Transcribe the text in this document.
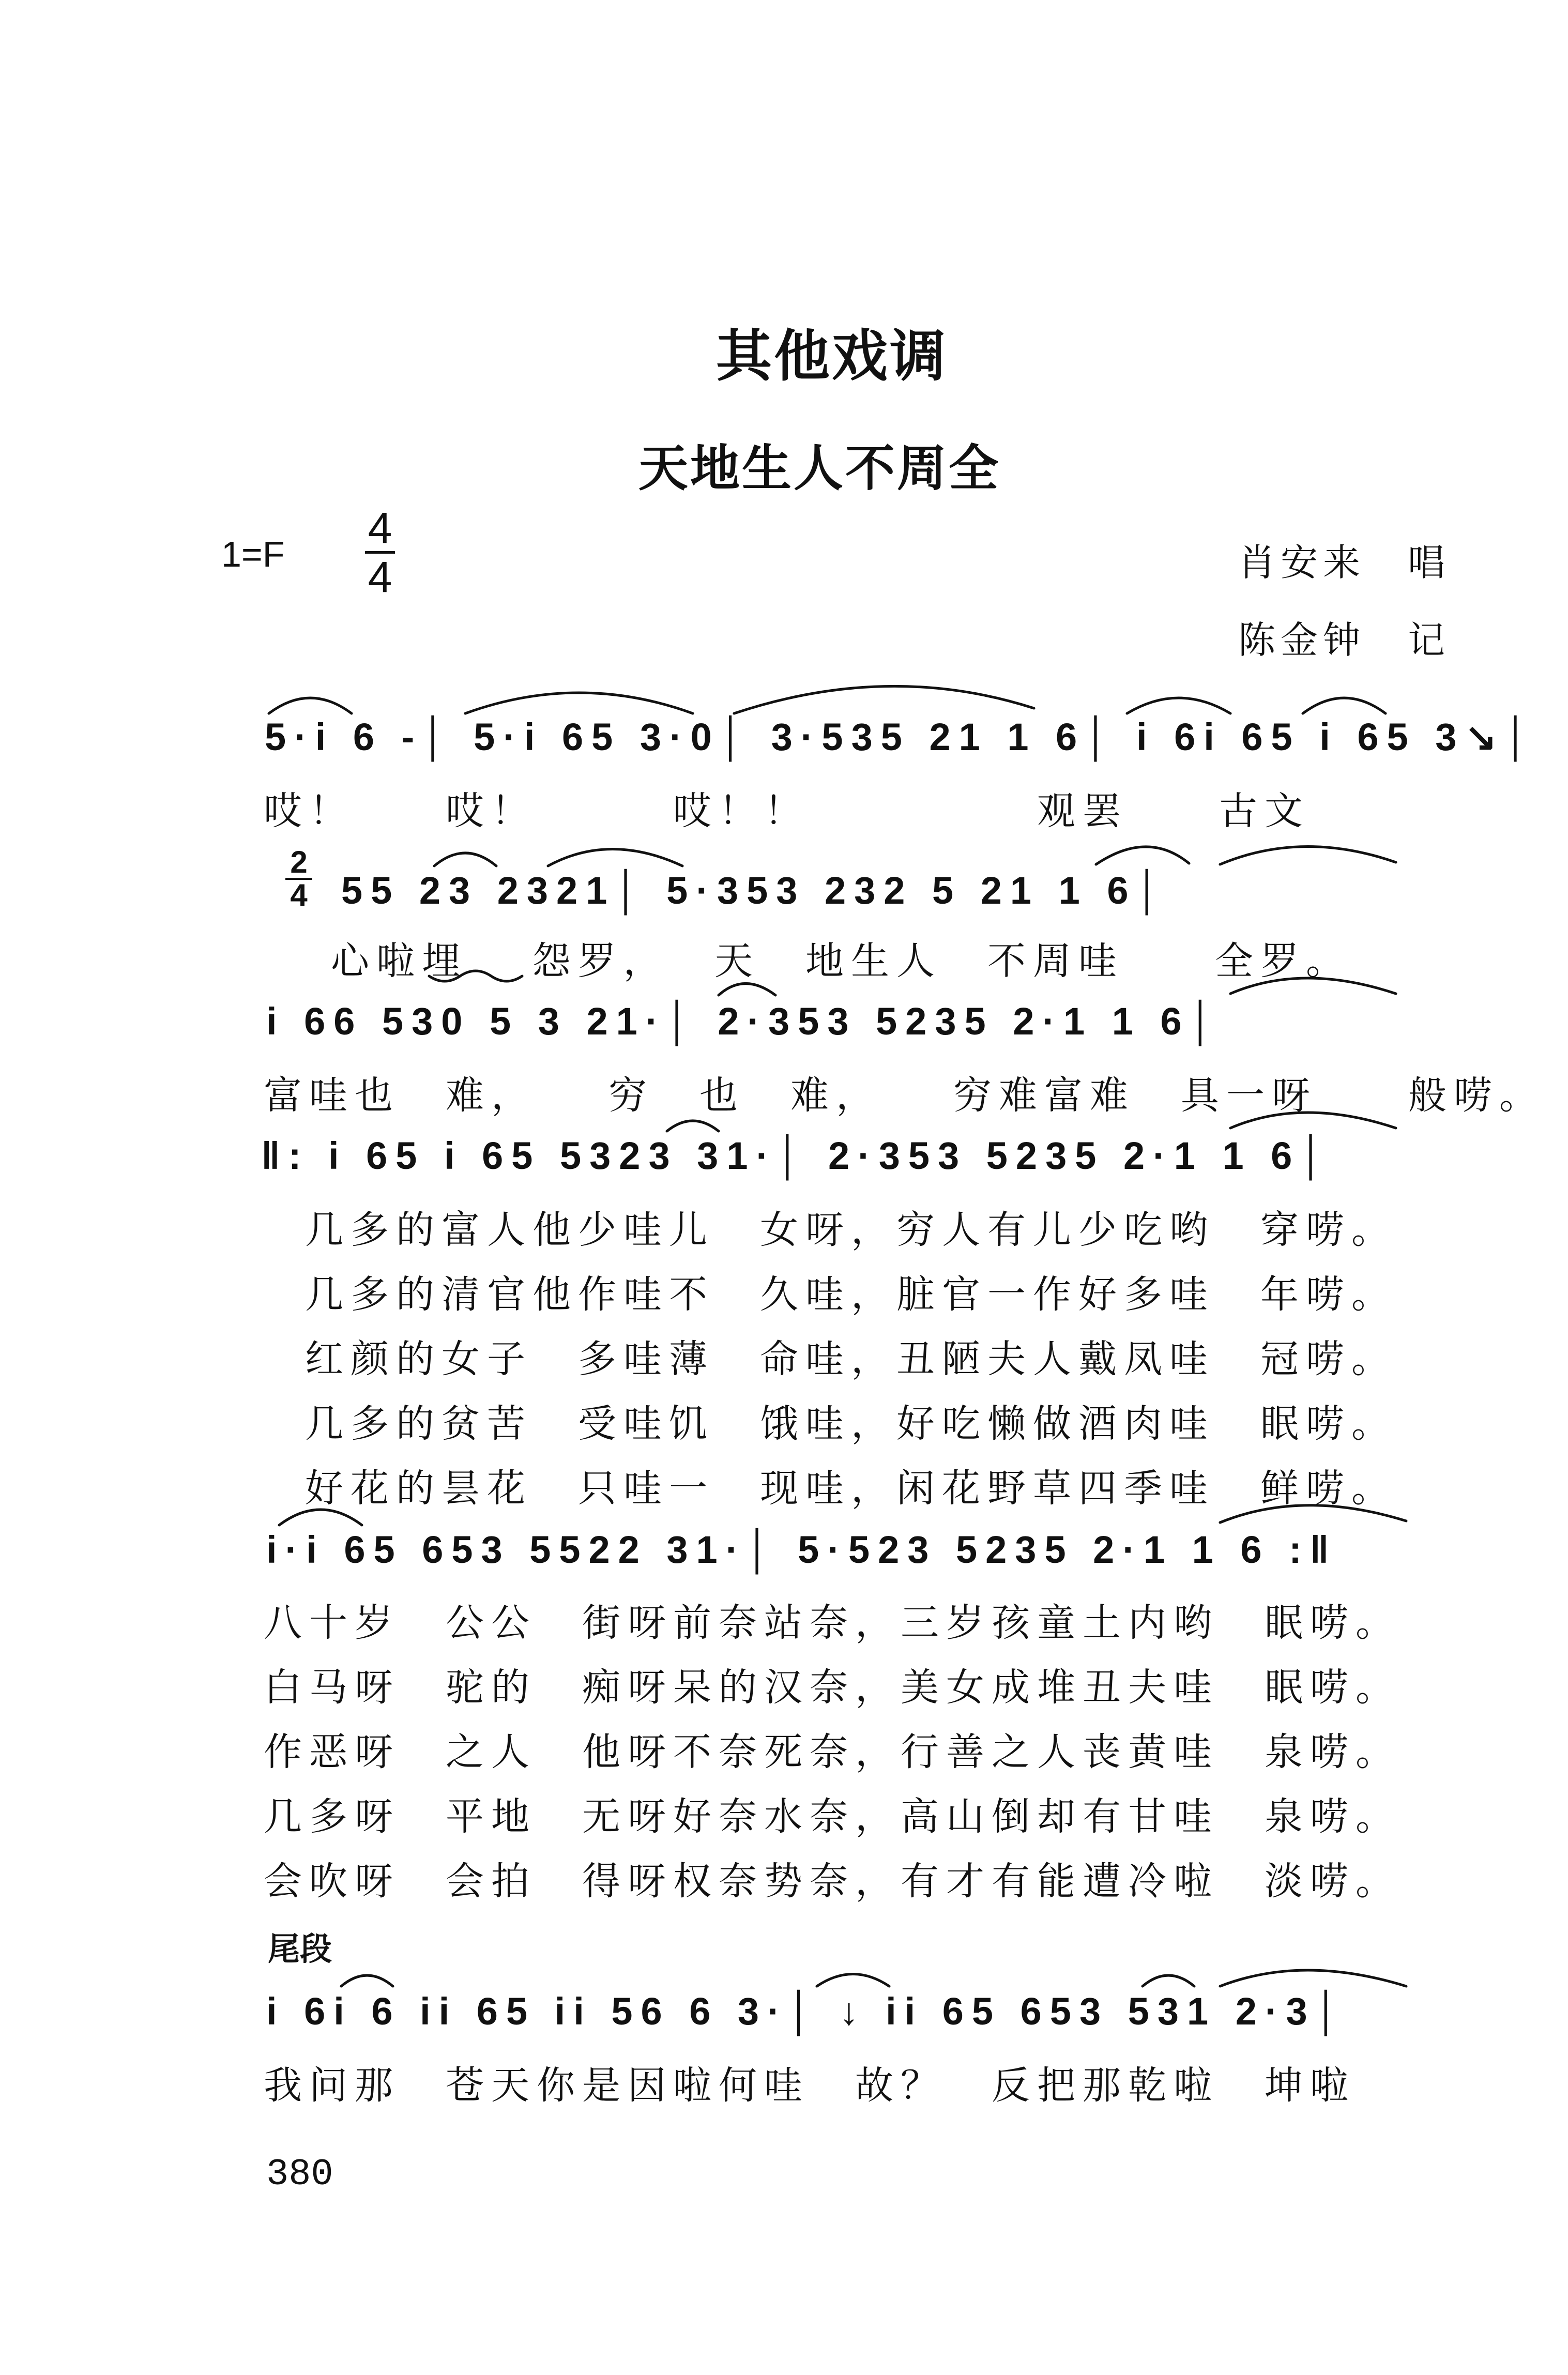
其他戏调
天地生人不周全
1=F
4
4	肖安来　唱
陈金钟　记
5·i 6 -│ 5·i 65 3·0│ 3·535 21 1 6│ i 6i 65 i 65 3↘│
哎！　　哎！　　　哎！！　　　　　观罢　　古文
2
4 55 23 2321│ 5·353 232 5 21 1 6│
心啦埋　 怨罗，　 天　地生人　不周哇　　全罗。
i 66 530 5 3 21·│ 2·353 5235 2·1 1 6│
富哇也　难，　　穷　也　难，　　穷难富难　具一呀　　般唠。
‖: i 65 i 65 5323 31·│ 2·353 5235 2·1 1 6│
几多的富人他少哇儿　女呀，穷人有儿少吃哟　穿唠。
几多的清官他作哇不　久哇，脏官一作好多哇　年唠。
红颜的女子　多哇薄　命哇，丑陋夫人戴凤哇　冠唠。
几多的贫苦　受哇饥　饿哇，好吃懒做酒肉哇　眠唠。
好花的昙花　只哇一　现哇，闲花野草四季哇　鲜唠。
i·i 65 653 5522 31·│ 5·523 5235 2·1 1 6 :‖
八十岁　公公　街呀前奈站奈，三岁孩童土内哟　眠唠。
白马呀　驼的　痴呀呆的汉奈，美女成堆丑夫哇　眠唠。
作恶呀　之人　他呀不奈死奈，行善之人丧黄哇　泉唠。
几多呀　平地　无呀好奈水奈，高山倒却有甘哇　泉唠。
会吹呀　会拍　得呀权奈势奈，有才有能遭冷啦　淡唠。
尾段
i 6i 6 ii 65 ii 56 6 3·│ ↓ ii 65 653 531 2·3│
我问那　苍天你是因啦何哇　故？　反把那乾啦　坤啦
380
